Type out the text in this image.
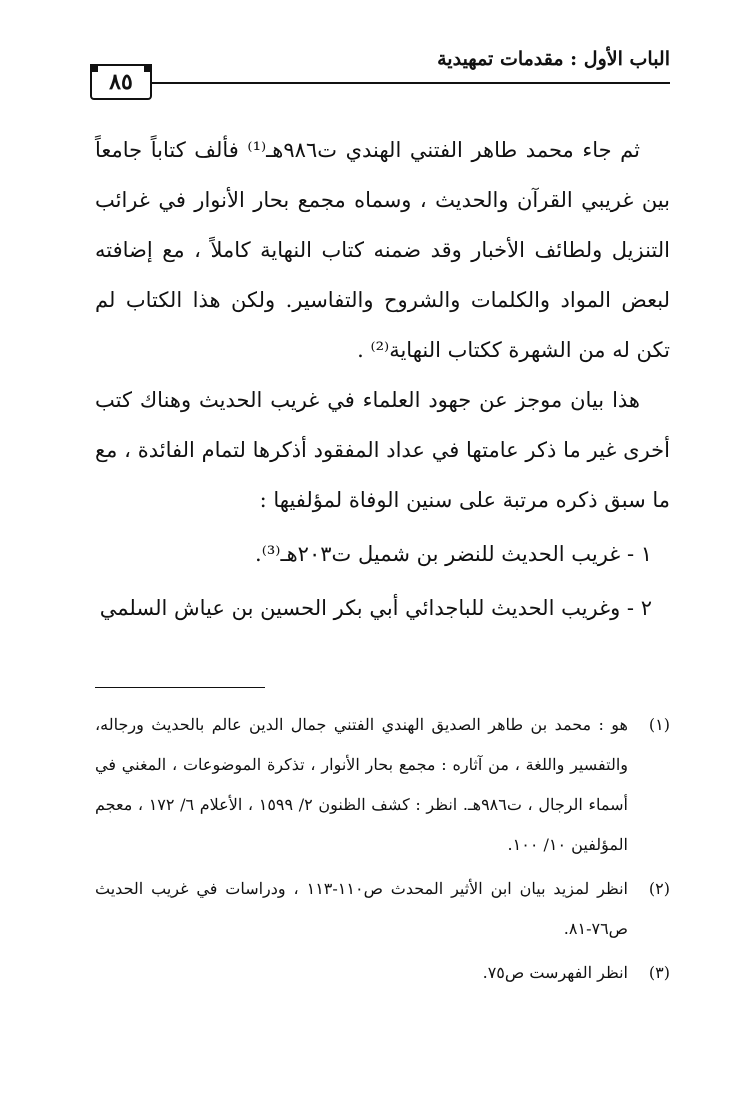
الباب الأول : مقدمات تمهيدية
٨٥

ثم جاء محمد طاهر الفتني الهندي ت٩٨٦هـ⁽¹⁾ فألف كتاباً جامعاً بين غريبي القرآن والحديث ، وسماه مجمع بحار الأنوار في غرائب التنزيل ولطائف الأخبار وقد ضمنه كتاب النهاية كاملاً ، مع إضافته لبعض المواد والكلمات والشروح والتفاسير. ولكن هذا الكتاب لم تكن له من الشهرة ككتاب النهاية⁽²⁾ .

هذا بيان موجز عن جهود العلماء في غريب الحديث وهناك كتب أخرى غير ما ذكر عامتها في عداد المفقود أذكرها لتمام الفائدة ، مع ما سبق ذكره مرتبة على سنين الوفاة لمؤلفيها :

١ - غريب الحديث للنضر بن شميل ت٢٠٣هـ⁽³⁾.

٢ - وغريب الحديث للباجدائي أبي بكر الحسين بن عياش السلمي

(١)
هو : محمد بن طاهر الصديق الهندي الفتني جمال الدين عالم بالحديث ورجاله، والتفسير واللغة ، من آثاره : مجمع بحار الأنوار ، تذكرة الموضوعات ، المغني في أسماء الرجال ، ت٩٨٦هـ. انظر : كشف الظنون ٢/ ١٥٩٩ ، الأعلام ٦/ ١٧٢ ، معجم المؤلفين ١٠/ ١٠٠.
(٢)
انظر لمزيد بيان ابن الأثير المحدث ص١١٠-١١٣ ، ودراسات في غريب الحديث ص٧٦-٨١.
(٣)
انظر الفهرست ص٧٥.
